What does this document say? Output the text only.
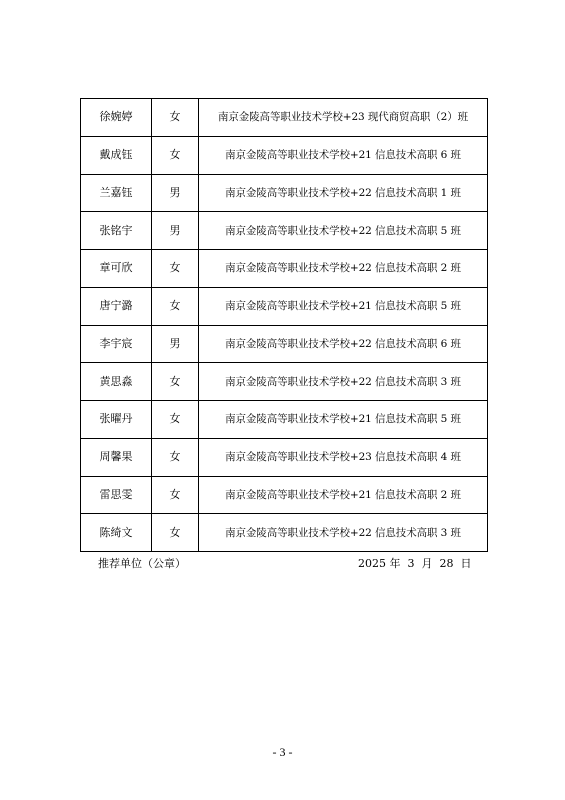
徐婉婷	女	南京金陵高等职业技术学校+23 现代商贸高职（2）班
戴成钰	女	南京金陵高等职业技术学校+21 信息技术高职 6 班
兰嘉钰	男	南京金陵高等职业技术学校+22 信息技术高职 1 班
张铭宇	男	南京金陵高等职业技术学校+22 信息技术高职 5 班
章可欣	女	南京金陵高等职业技术学校+22 信息技术高职 2 班
唐宁潞	女	南京金陵高等职业技术学校+21 信息技术高职 5 班
李宇宸	男	南京金陵高等职业技术学校+22 信息技术高职 6 班
黄思淼	女	南京金陵高等职业技术学校+22 信息技术高职 3 班
张曜丹	女	南京金陵高等职业技术学校+21 信息技术高职 5 班
周馨果	女	南京金陵高等职业技术学校+23 信息技术高职 4 班
雷思雯	女	南京金陵高等职业技术学校+21 信息技术高职 2 班
陈绮文	女	南京金陵高等职业技术学校+22 信息技术高职 3 班
推荐单位（公章）	2025 年  3  月  28  日
- 3 -
